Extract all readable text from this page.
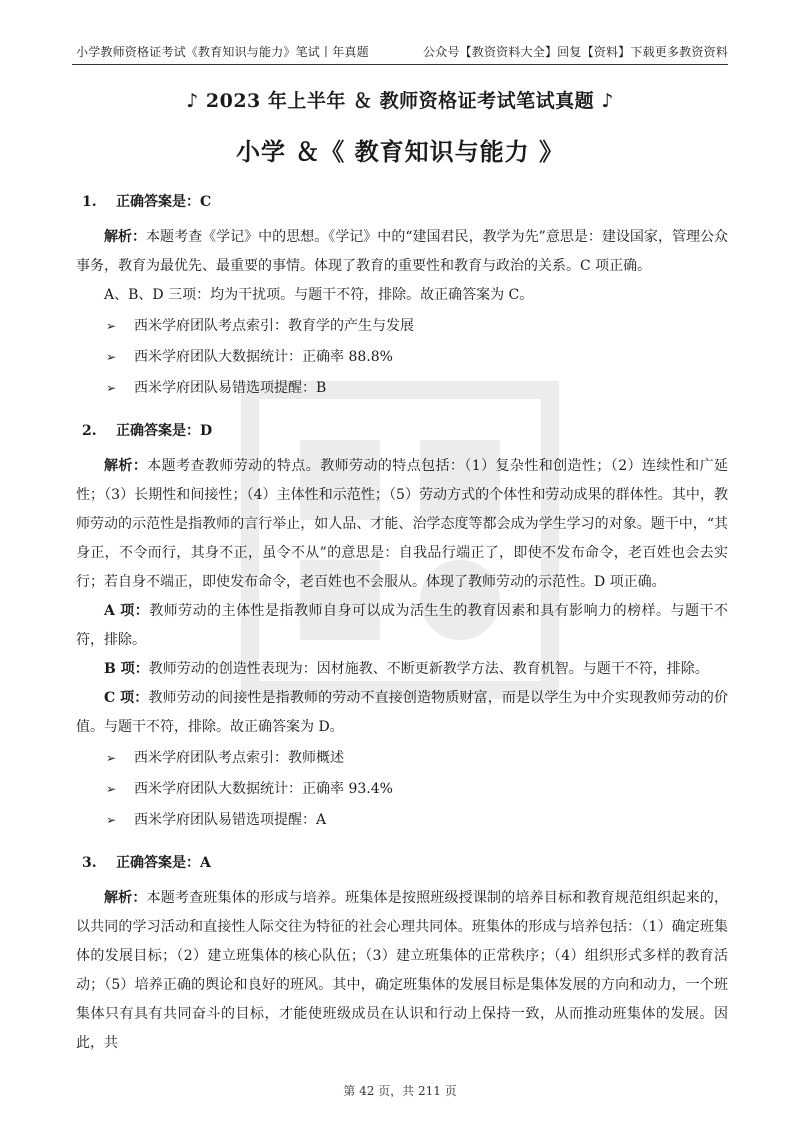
小学教师资格证考试《教育知识与能力》笔试丨年真题	公众号【教资资料大全】回复【资料】下载更多教资资料
♪ 2023 年上半年 ＆ 教师资格证考试笔试真题 ♪
小学 ＆《 教育知识与能力 》
1. 正确答案是：C

解析：本题考查《学记》中的思想。《学记》中的“建国君民，教学为先”意思是：建设国家，管理公众事务，教育为最优先、最重要的事情。体现了教育的重要性和教育与政治的关系。C 项正确。

A、B、D 三项：均为干扰项。与题干不符，排除。故正确答案为 C。

➢ 西米学府团队考点索引：教育学的产生与发展
➢ 西米学府团队大数据统计：正确率 88.8%
➢ 西米学府团队易错选项提醒：B
2. 正确答案是：D

解析：本题考查教师劳动的特点。教师劳动的特点包括：（1）复杂性和创造性；（2）连续性和广延性；（3）长期性和间接性；（4）主体性和示范性；（5）劳动方式的个体性和劳动成果的群体性。其中，教师劳动的示范性是指教师的言行举止，如人品、才能、治学态度等都会成为学生学习的对象。题干中，“其身正，不令而行，其身不正，虽令不从”的意思是：自我品行端正了，即使不发布命令，老百姓也会去实行；若自身不端正，即使发布命令，老百姓也不会服从。体现了教师劳动的示范性。D 项正确。

A 项：教师劳动的主体性是指教师自身可以成为活生生的教育因素和具有影响力的榜样。与题干不符，排除。

B 项：教师劳动的创造性表现为：因材施教、不断更新教学方法、教育机智。与题干不符，排除。

C 项：教师劳动的间接性是指教师的劳动不直接创造物质财富，而是以学生为中介实现教师劳动的价值。与题干不符，排除。故正确答案为 D。

➢ 西米学府团队考点索引：教师概述
➢ 西米学府团队大数据统计：正确率 93.4%
➢ 西米学府团队易错选项提醒：A
3. 正确答案是：A

解析：本题考查班集体的形成与培养。班集体是按照班级授课制的培养目标和教育规范组织起来的，以共同的学习活动和直接性人际交往为特征的社会心理共同体。班集体的形成与培养包括：（1）确定班集体的发展目标；（2）建立班集体的核心队伍；（3）建立班集体的正常秩序；（4）组织形式多样的教育活动；（5）培养正确的舆论和良好的班风。其中，确定班集体的发展目标是集体发展的方向和动力，一个班集体只有具有共同奋斗的目标，才能使班级成员在认识和行动上保持一致，从而推动班集体的发展。因此，共

第 42 页，共 211 页
